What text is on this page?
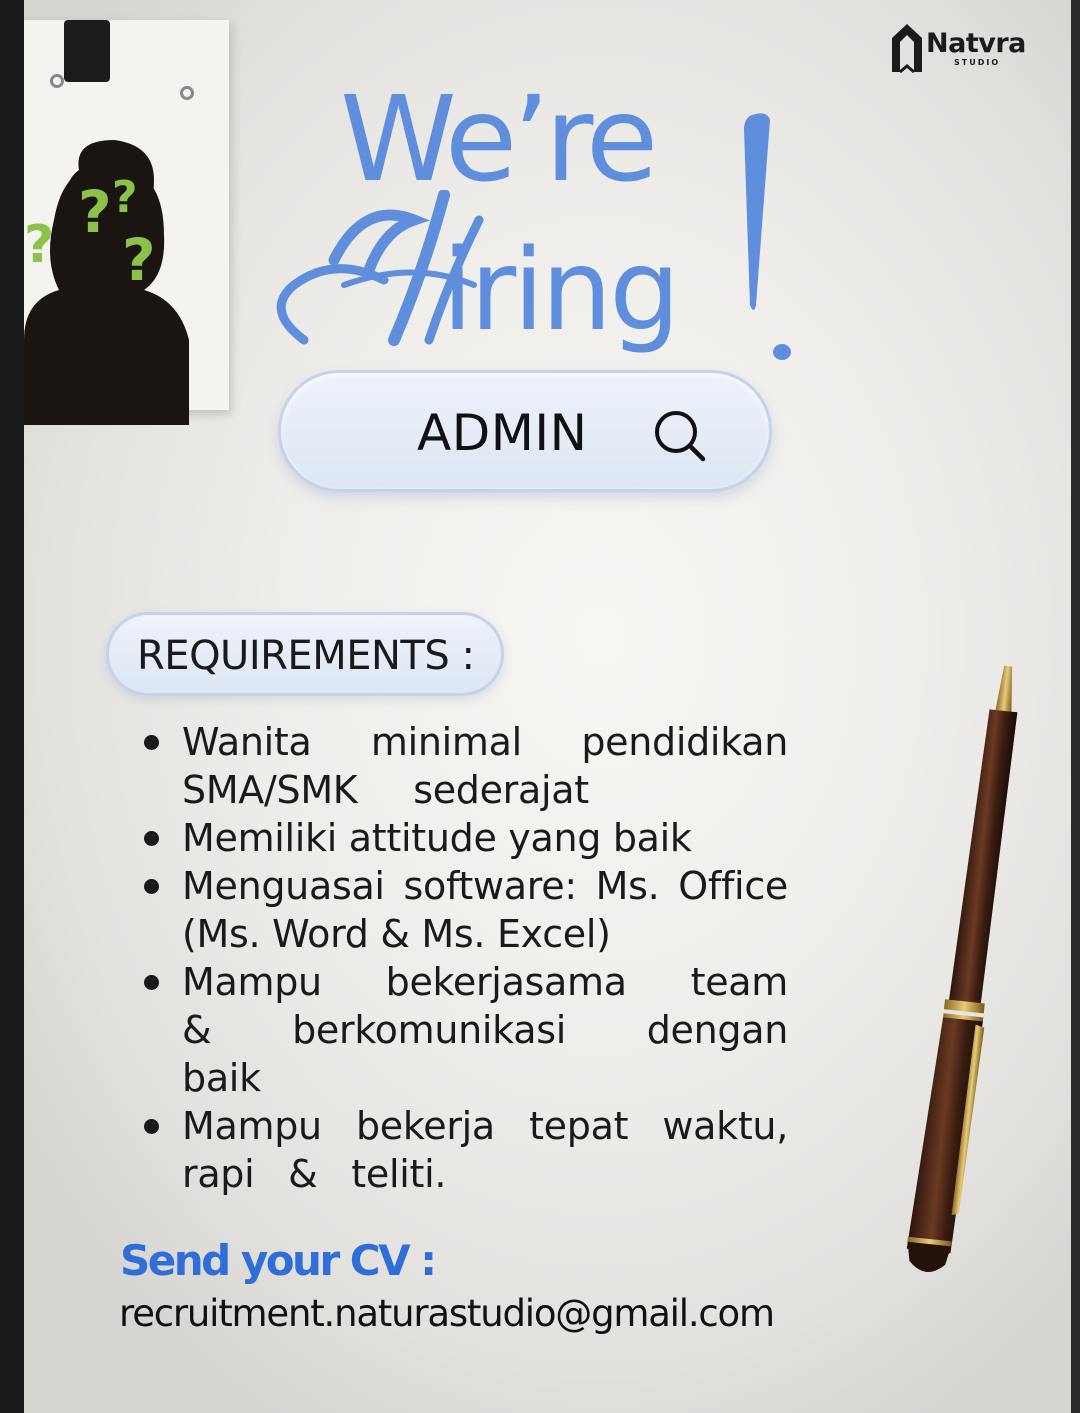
? ?
? ?
Natvra
STUDIO
We’re
H
iring
ADMIN
REQUIREMENTS :
Wanita minimal pendidikan SMA/SMK sederajat
Memiliki attitude yang baik
Menguasai software: Ms. Office (Ms. Word & Ms. Excel)
Mampu bekerjasama team & berkomunikasi dengan baik
Mampu bekerja tepat waktu, rapi & teliti.
Send your CV :
recruitment.naturastudio@gmail.com
